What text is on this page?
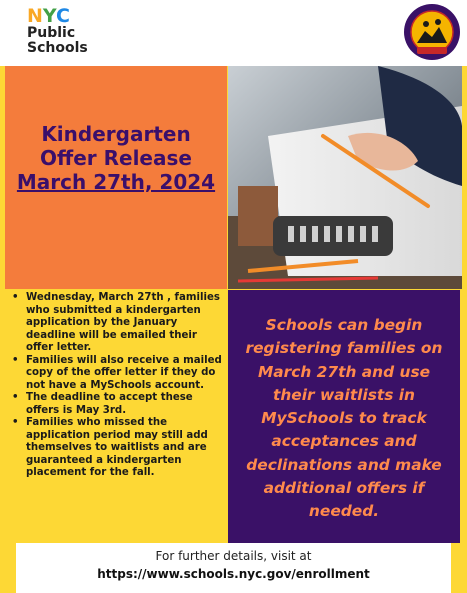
NYC
Public
Schools
Kindergarten
Offer Release
March 27th, 2024
• Wednesday, March 27th , families who submitted a kindergarten application by the January deadline will be emailed their offer letter.
• Families will also receive a mailed copy of the offer letter if they do not have a MySchools account.
• The deadline to accept these offers is May 3rd.
• Families who missed the application period may still add themselves to waitlists and are guaranteed a kindergarten placement for the fall.
Schools can begin registering families on March 27th and use their waitlists in MySchools to track acceptances and declinations and make additional offers if needed.
For further details, visit at
https://www.schools.nyc.gov/enrollment
